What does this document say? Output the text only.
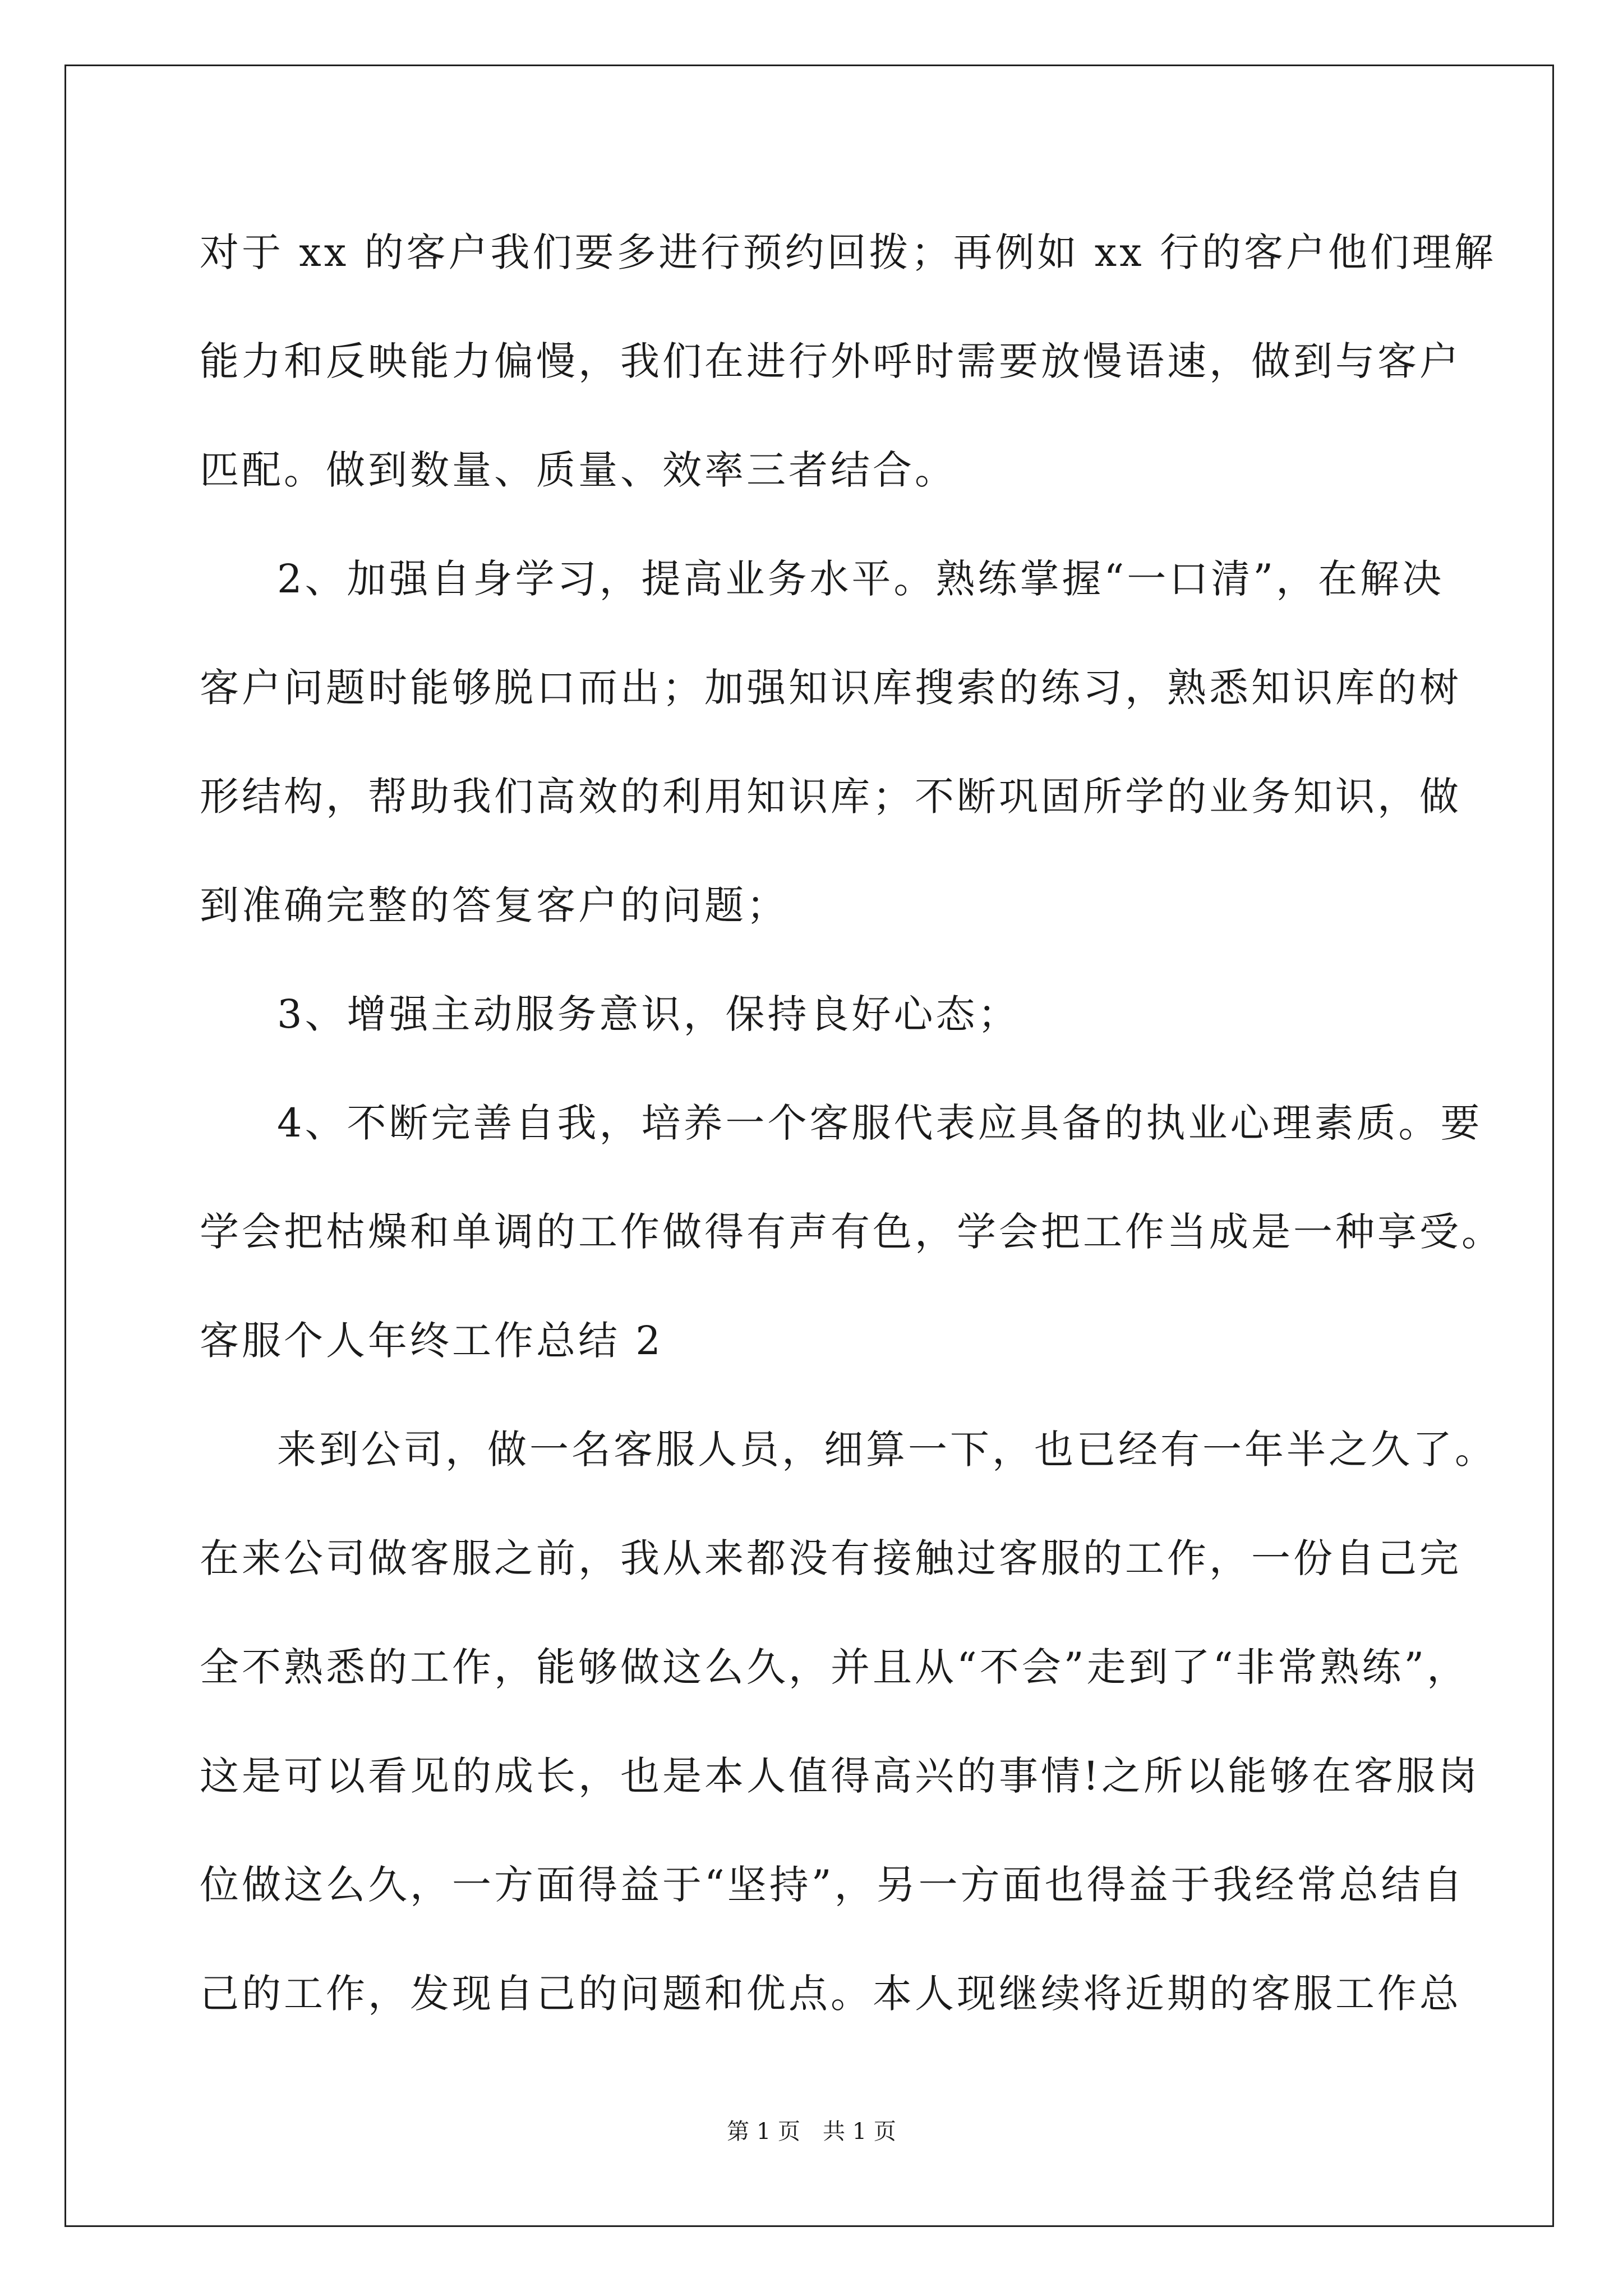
对于 xx 的客户我们要多进行预约回拨；再例如 xx 行的客户他们理解

能力和反映能力偏慢，我们在进行外呼时需要放慢语速，做到与客户

匹配。做到数量、质量、效率三者结合。

2、加强自身学习，提高业务水平。熟练掌握“一口清”，在解决

客户问题时能够脱口而出；加强知识库搜索的练习，熟悉知识库的树

形结构，帮助我们高效的利用知识库；不断巩固所学的业务知识，做

到准确完整的答复客户的问题；

3、增强主动服务意识，保持良好心态；

4、不断完善自我，培养一个客服代表应具备的执业心理素质。要

学会把枯燥和单调的工作做得有声有色，学会把工作当成是一种享受。

客服个人年终工作总结 2

来到公司，做一名客服人员，细算一下，也已经有一年半之久了。

在来公司做客服之前，我从来都没有接触过客服的工作，一份自己完

全不熟悉的工作，能够做这么久，并且从“不会”走到了“非常熟练”，

这是可以看见的成长，也是本人值得高兴的事情!之所以能够在客服岗

位做这么久，一方面得益于“坚持”，另一方面也得益于我经常总结自

己的工作，发现自己的问题和优点。本人现继续将近期的客服工作总

第 1 页　共 1 页
